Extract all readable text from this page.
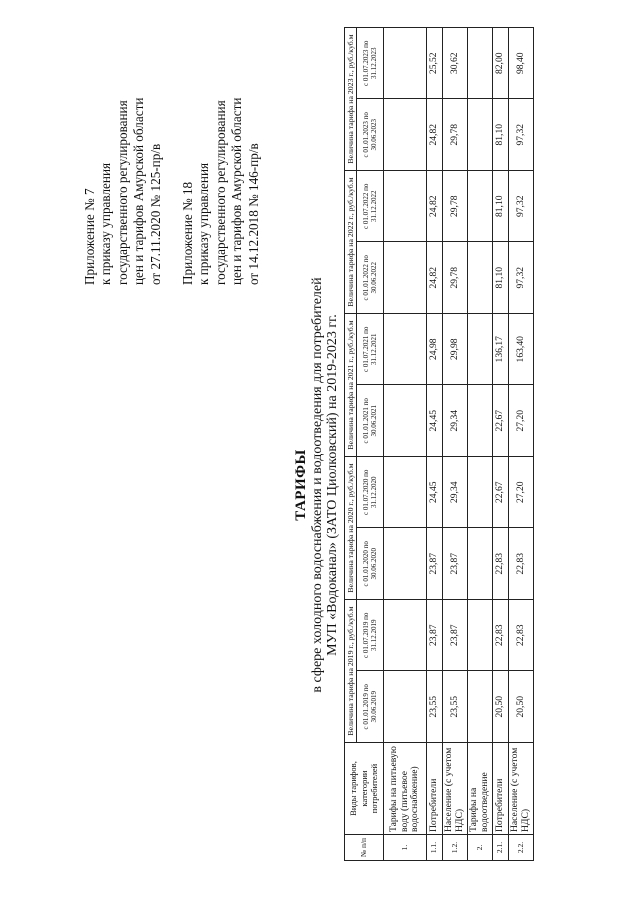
Приложение № 7 к приказу управления государственного регулирования цен и тарифов Амурской области от 27.11.2020 № 125-пр/в Приложение № 18 к приказу управления государственного регулирования цен и тарифов Амурской области от 14.12.2018 № 146-пр/в
ТАРИФЫ в сфере холодного водоснабжения и водоотведения для потребителей МУП «Водоканал» (ЗАТО Циолковский) на 2019-2023 гг.
№ п/п	Виды тарифов, категории потребителей	Величина тарифа на 2019 г., руб./куб.м		Величина тарифа на 2020 г., руб./куб.м		Величина тарифа на 2021 г., руб./куб.м		Величина тарифа на 2022 г., руб./куб.м		Величина тарифа на 2023 г., руб./куб.м	
		с 01.01.2019 по 30.06.2019	с 01.07.2019 по 31.12.2019	с 01.01.2020 по 30.06.2020	с 01.07.2020 по 31.12.2020	с 01.01.2021 по 30.06.2021	с 01.07.2021 по 31.12.2021	с 01.01.2022 по 30.06.2022	с 01.07.2022 по 31.12.2022	с 01.01.2023 по 30.06.2023	с 01.07.2023 по 31.12.2023
1.	Тарифы на питьевую воду (питьевое водоснабжение)										
1.1.	Потребители	23,55	23,87	23,87	24,45	24,45	24,98	24,82	24,82	24,82	25,52
1.2.	Население (с учетом НДС)	23,55	23,87	23,87	29,34	29,34	29,98	29,78	29,78	29,78	30,62
2.	Тарифы на водоотведение										
2.1.	Потребители	20,50	22,83	22,83	22,67	22,67	136,17	81,10	81,10	81,10	82,00
2.2.	Население (с учетом НДС)	20,50	22,83	22,83	27,20	27,20	163,40	97,32	97,32	97,32	98,40
